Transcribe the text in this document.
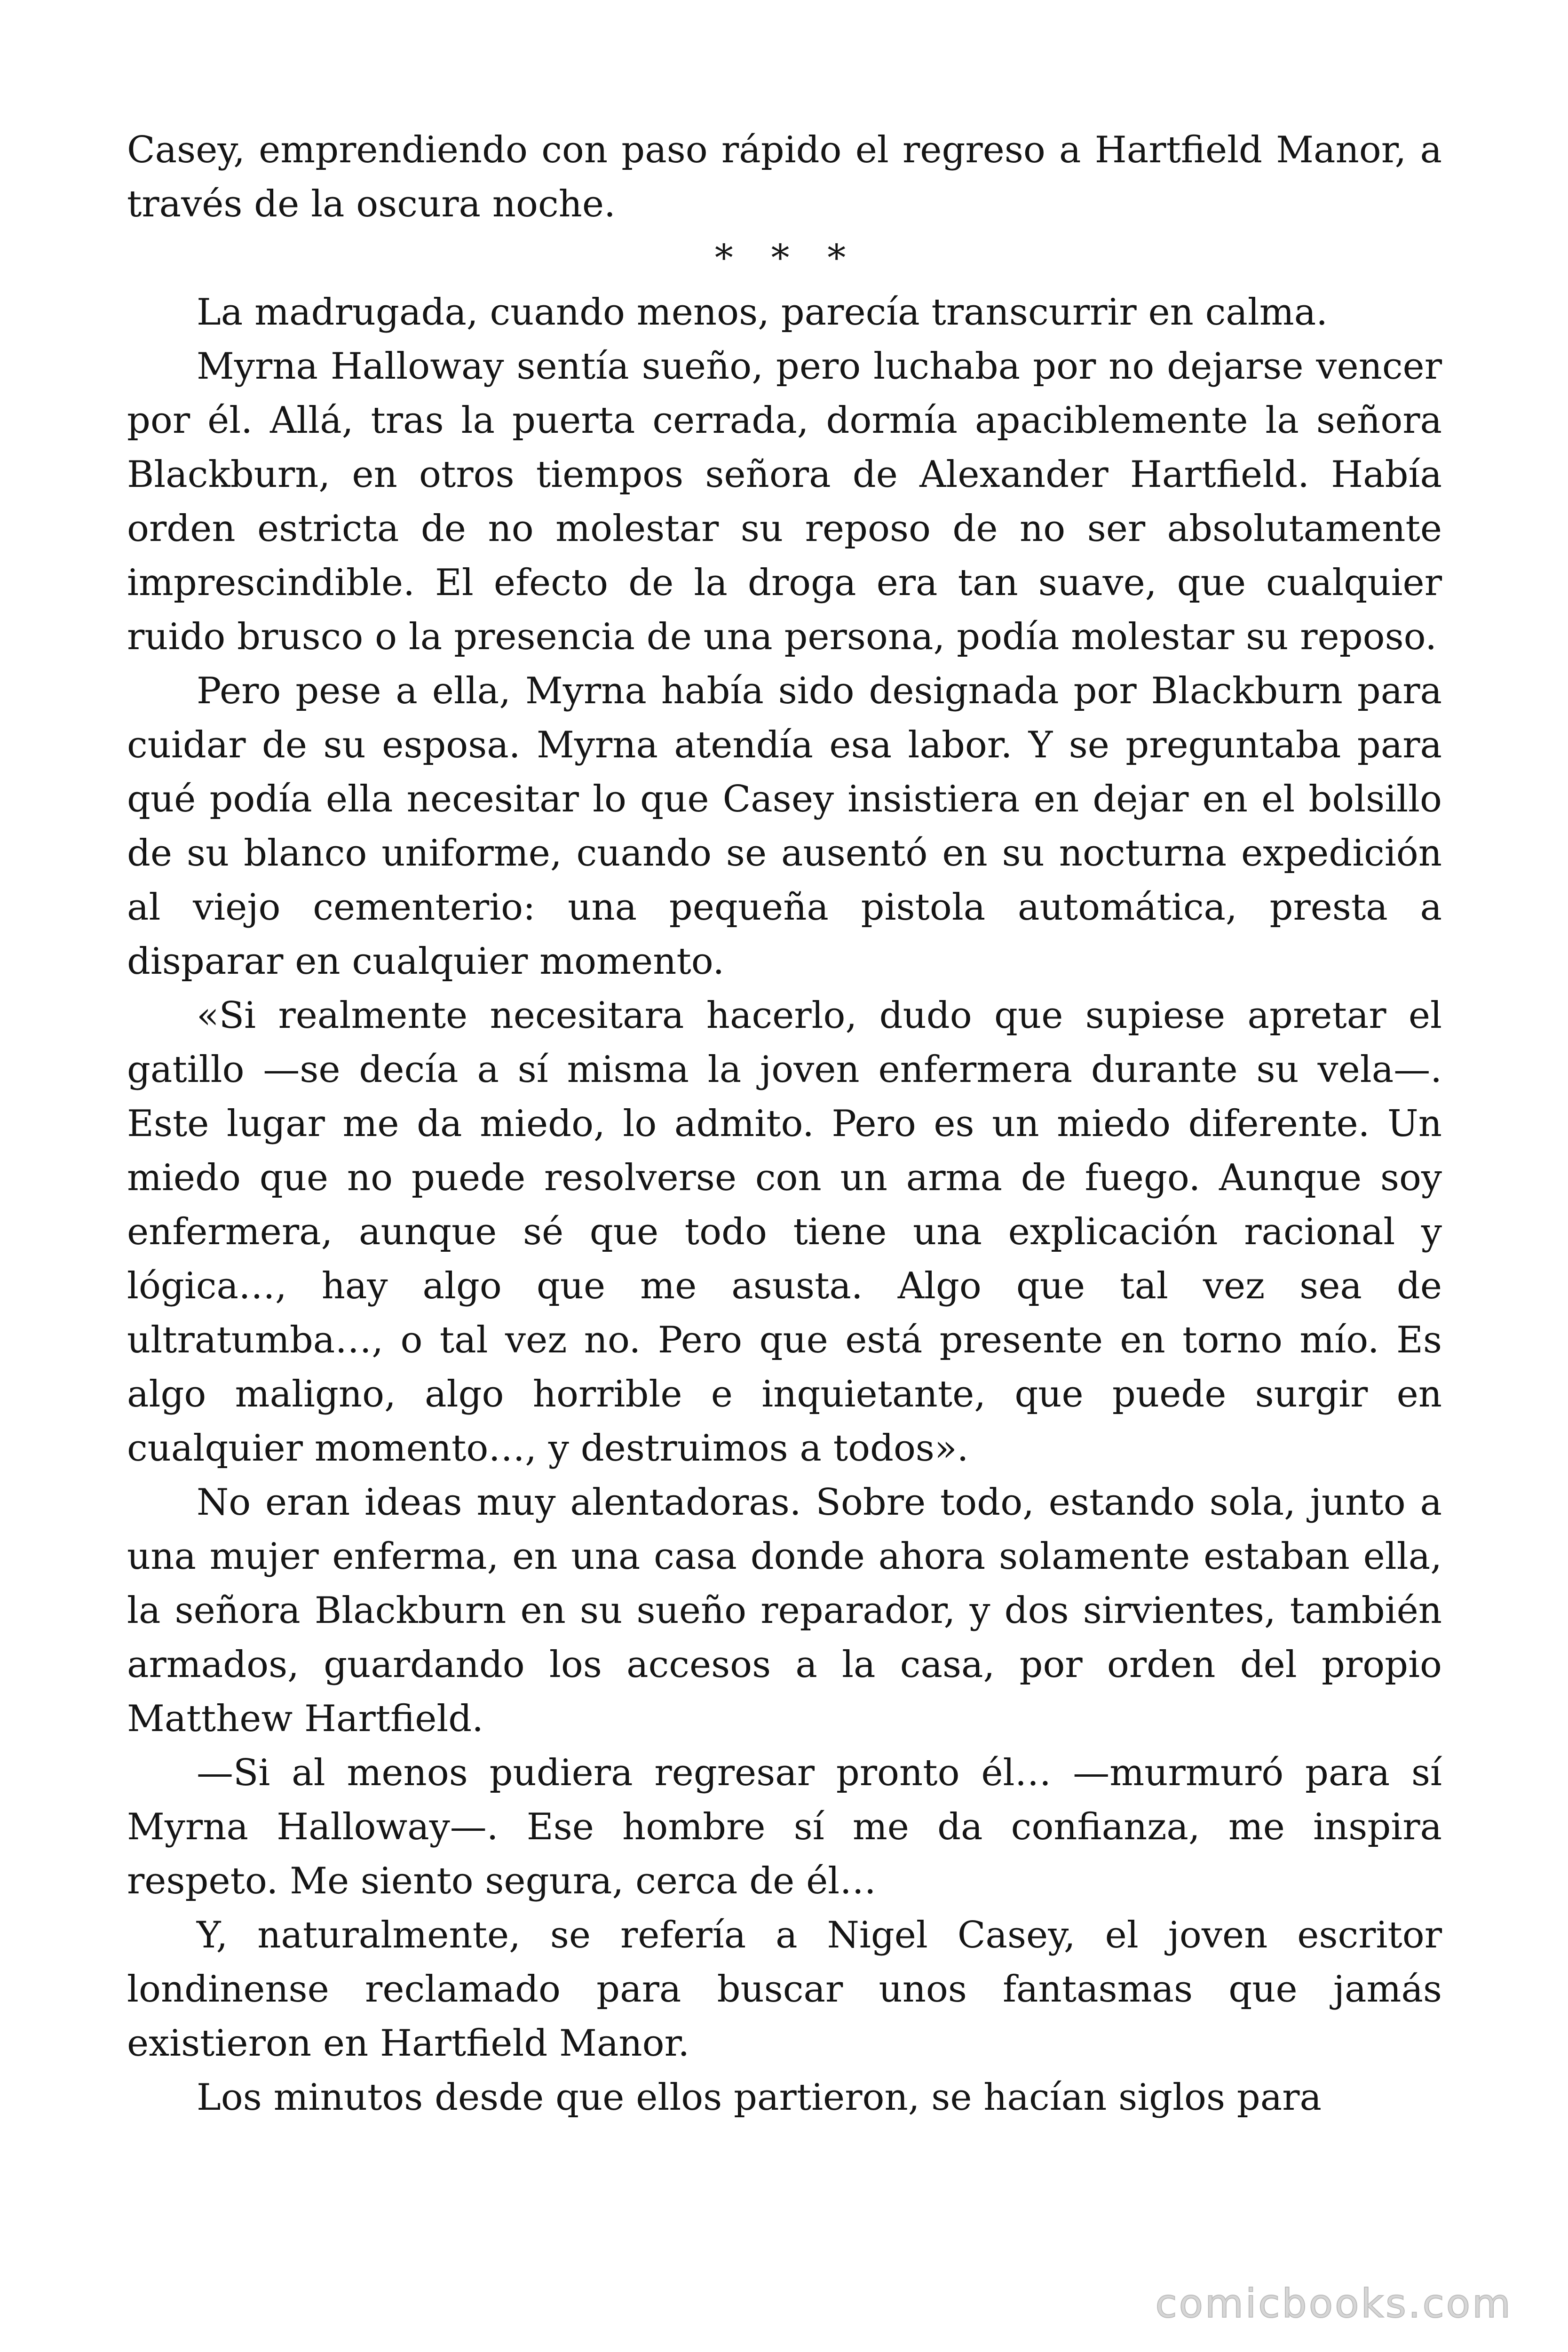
Casey, emprendiendo con paso rápido el regreso a Hartfield Manor, a través de la oscura noche.

* * *

La madrugada, cuando menos, parecía transcurrir en calma.

Myrna Halloway sentía sueño, pero luchaba por no dejarse vencer por él. Allá, tras la puerta cerrada, dormía apaciblemente la señora Blackburn, en otros tiempos señora de Alexander Hartfield. Había orden estricta de no molestar su reposo de no ser absolutamente imprescindible. El efecto de la droga era tan suave, que cualquier ruido brusco o la presencia de una persona, podía molestar su reposo.

Pero pese a ella, Myrna había sido designada por Blackburn para cuidar de su esposa. Myrna atendía esa labor. Y se preguntaba para qué podía ella necesitar lo que Casey insistiera en dejar en el bolsillo de su blanco uniforme, cuando se ausentó en su nocturna expedición al viejo cementerio: una pequeña pistola automática, presta a disparar en cualquier momento.

«Si realmente necesitara hacerlo, dudo que supiese apretar el gatillo —se decía a sí misma la joven enfermera durante su vela—. Este lugar me da miedo, lo admito. Pero es un miedo diferente. Un miedo que no puede resolverse con un arma de fuego. Aunque soy enfermera, aunque sé que todo tiene una explicación racional y lógica…, hay algo que me asusta. Algo que tal vez sea de ultratumba…, o tal vez no. Pero que está presente en torno mío. Es algo maligno, algo horrible e inquietante, que puede surgir en cualquier momento…, y destruimos a todos».

No eran ideas muy alentadoras. Sobre todo, estando sola, junto a una mujer enferma, en una casa donde ahora solamente estaban ella, la señora Blackburn en su sueño reparador, y dos sirvientes, también armados, guardando los accesos a la casa, por orden del propio Matthew Hartfield.

—Si al menos pudiera regresar pronto él… —murmuró para sí Myrna Halloway—. Ese hombre sí me da confianza, me inspira respeto. Me siento segura, cerca de él…

Y, naturalmente, se refería a Nigel Casey, el joven escritor londinense reclamado para buscar unos fantasmas que jamás existieron en Hartfield Manor.

Los minutos desde que ellos partieron, se hacían siglos para

comicbooks.com
